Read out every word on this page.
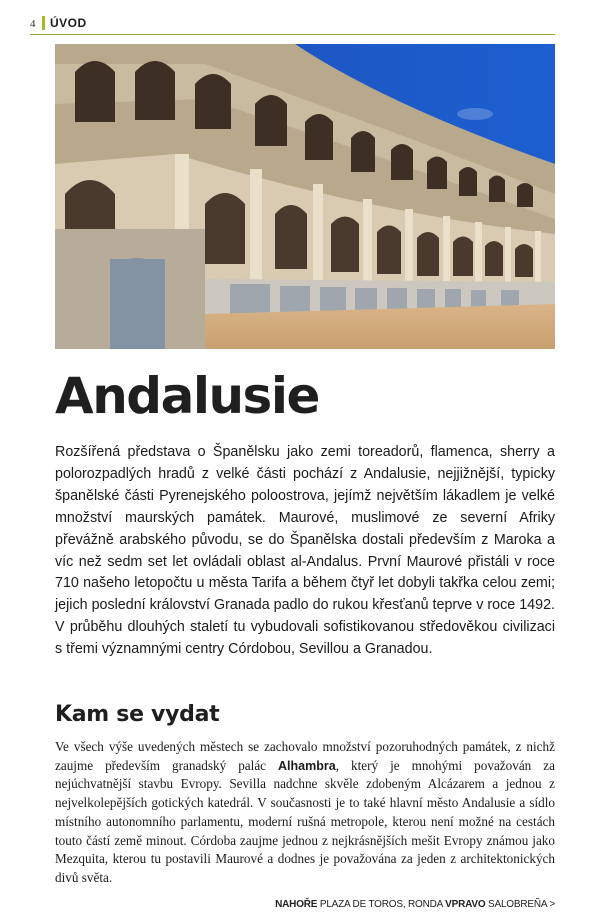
4 ÚVOD
Andalusie

Rozšířená představa o Španělsku jako zemi toreadorů, flamenca, sherry a polorozpadlých hradů z velké části pochází z Andalusie, nejjižnější, typicky španělské části Pyrenejského poloostrova, jejímž největším lákadlem je velké množství maurských památek. Maurové, muslimové ze severní Afriky převážně arabského původu, se do Španělska dostali především z Maroka a víc než sedm set let ovládali oblast al-Andalus. První Maurové přistáli v roce 710 našeho letopočtu u města Tarifa a během čtyř let dobyli takřka celou zemi; jejich poslední království Granada padlo do rukou křesťanů teprve v roce 1492. V průběhu dlouhých staletí tu vybudovali sofistikovanou středověkou civilizaci s třemi významnými centry Córdobou, Sevillou a Granadou.

Kam se vydat

Ve všech výše uvedených městech se zachovalo množství pozoruhodných památek, z nichž zaujme především granadský palác Alhambra, který je mnohými považován za nejúchvatnější stavbu Evropy. Sevilla nadchne skvěle zdobeným Alcázarem a jednou z nejvelkolepějších gotických katedrál. V současnosti je to také hlavní město Andalusie a sídlo místního autonomního parlamentu, moderní rušná metropole, kterou není možné na cestách touto částí země minout. Córdoba zaujme jednou z nejkrásnějších mešit Evropy známou jako Mezquita, kterou tu postavili Maurové a dodnes je považována za jeden z architektonických divů světa.

NAHOŘE PLAZA DE TOROS, RONDA VPRAVO SALOBREÑA >
